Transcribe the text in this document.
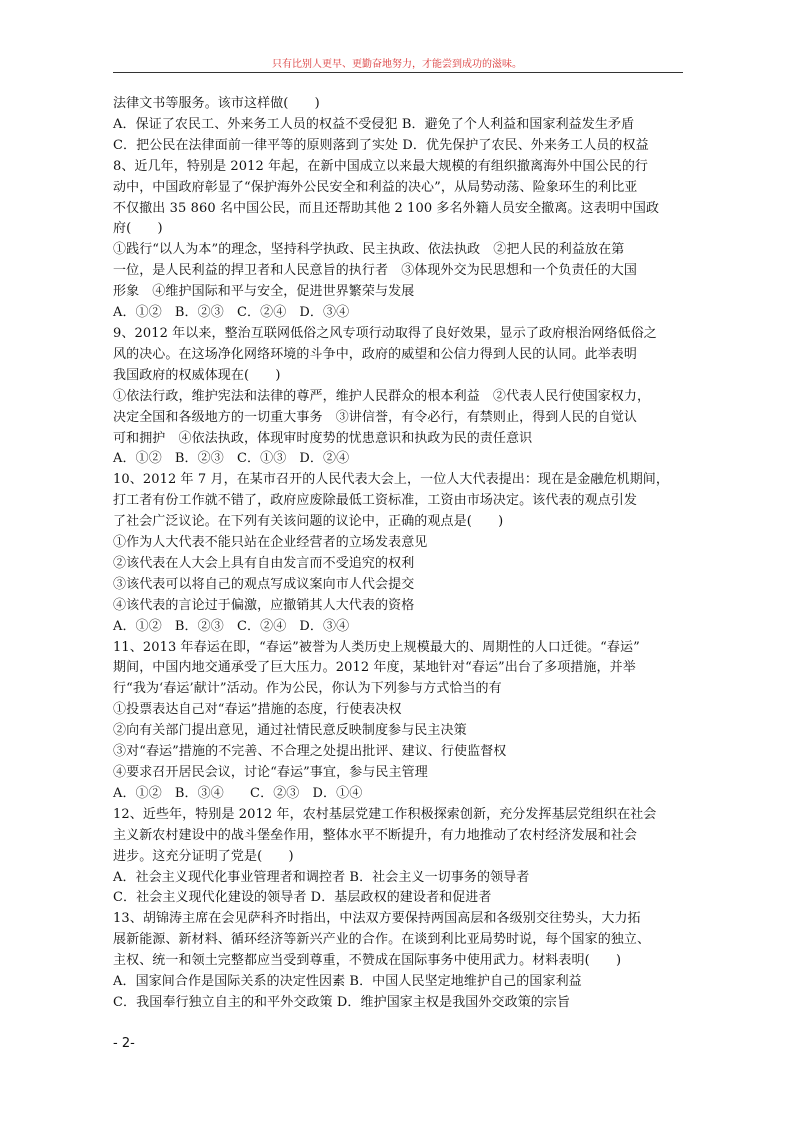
只有比别人更早、更勤奋地努力，才能尝到成功的滋味。

法律文书等服务。该市这样做(　　)

A．保证了农民工、外来务工人员的权益不受侵犯 B．避免了个人利益和国家利益发生矛盾

C．把公民在法律面前一律平等的原则落到了实处 D．优先保护了农民、外来务工人员的权益

8、近几年，特别是 2012 年起，在新中国成立以来最大规模的有组织撤离海外中国公民的行

动中，中国政府彰显了“保护海外公民安全和利益的决心”，从局势动荡、险象环生的利比亚

不仅撤出 35 860 名中国公民，而且还帮助其他 2 100 多名外籍人员安全撤离。这表明中国政

府(　　)

①践行“以人为本”的理念，坚持科学执政、民主执政、依法执政　②把人民的利益放在第

一位，是人民利益的捍卫者和人民意旨的执行者　③体现外交为民思想和一个负责任的大国

形象　④维护国际和平与安全，促进世界繁荣与发展

A．①②　B．②③　C．②④　D．③④

9、2012 年以来，整治互联网低俗之风专项行动取得了良好效果，显示了政府根治网络低俗之

风的决心。在这场净化网络环境的斗争中，政府的威望和公信力得到人民的认同。此举表明

我国政府的权威体现在(　　)

①依法行政，维护宪法和法律的尊严，维护人民群众的根本利益　②代表人民行使国家权力，

决定全国和各级地方的一切重大事务　③讲信誉，有令必行，有禁则止，得到人民的自觉认

可和拥护　④依法执政，体现审时度势的忧患意识和执政为民的责任意识

A．①②　B．②③　C．①③　D．②④

10、2012 年 7 月，在某市召开的人民代表大会上，一位人大代表提出：现在是金融危机期间，

打工者有份工作就不错了，政府应废除最低工资标准，工资由市场决定。该代表的观点引发

了社会广泛议论。在下列有关该问题的议论中，正确的观点是(　　)

①作为人大代表不能只站在企业经营者的立场发表意见

②该代表在人大会上具有自由发言而不受追究的权利

③该代表可以将自己的观点写成议案向市人代会提交

④该代表的言论过于偏激，应撤销其人大代表的资格

A．①②　B．②③　C．②④　D．③④

11、2013 年春运在即，“春运”被誉为人类历史上规模最大的、周期性的人口迁徙。“春运”

期间，中国内地交通承受了巨大压力。2012 年度，某地针对“春运”出台了多项措施，并举

行“我为‘春运’献计”活动。作为公民，你认为下列参与方式恰当的有

①投票表达自己对“春运”措施的态度，行使表决权

②向有关部门提出意见，通过社情民意反映制度参与民主决策

③对“春运”措施的不完善、不合理之处提出批评、建议、行使监督权

④要求召开居民会议，讨论“春运”事宜，参与民主管理

A．①②　B．③④　　C．②③　D．①④

12、近些年，特别是 2012 年，农村基层党建工作积极探索创新，充分发挥基层党组织在社会

主义新农村建设中的战斗堡垒作用，整体水平不断提升，有力地推动了农村经济发展和社会

进步。这充分证明了党是(　　)

A．社会主义现代化事业管理者和调控者 B．社会主义一切事务的领导者

C．社会主义现代化建设的领导者 D．基层政权的建设者和促进者

13、胡锦涛主席在会见萨科齐时指出，中法双方要保持两国高层和各级别交往势头，大力拓

展新能源、新材料、循环经济等新兴产业的合作。在谈到利比亚局势时说，每个国家的独立、

主权、统一和领土完整都应当受到尊重，不赞成在国际事务中使用武力。材料表明(　　)

A．国家间合作是国际关系的决定性因素 B．中国人民坚定地维护自己的国家利益

C．我国奉行独立自主的和平外交政策 D．维护国家主权是我国外交政策的宗旨

- 2-
